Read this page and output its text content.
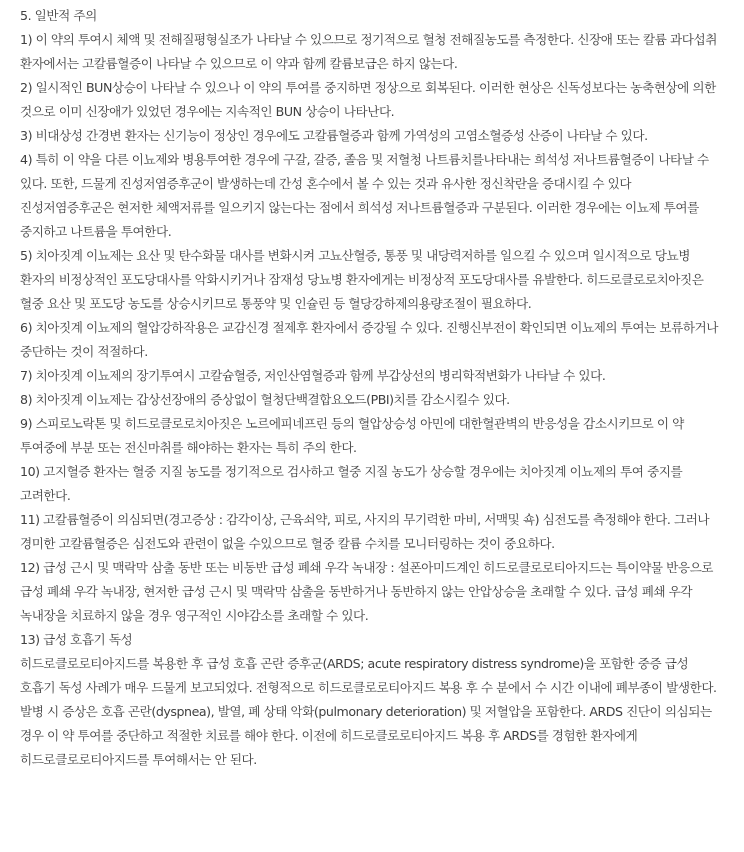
5. 일반적 주의

1) 이 약의 투여시 체액 및 전해질평형실조가 나타날 수 있으므로 정기적으로 혈청 전해질농도를 측정한다. 신장애 또는 칼륨 과다섭취 환자에서는 고칼륨혈증이 나타날 수 있으므로 이 약과 함께 칼륨보급은 하지 않는다.

2) 일시적인 BUN상승이 나타날 수 있으나 이 약의 투여를 중지하면 정상으로 회복된다. 이러한 현상은 신독성보다는 농축현상에 의한 것으로 이미 신장애가 있었던 경우에는 지속적인 BUN 상승이 나타난다.

3) 비대상성 간경변 환자는 신기능이 정상인 경우에도 고칼륨혈증과 함께 가역성의 고염소혈증성 산증이 나타날 수 있다.

4) 특히 이 약을 다른 이뇨제와 병용투여한 경우에 구갈, 갈증, 졸음 및 저혈청 나트륨치를나타내는 희석성 저나트륨혈증이 나타날 수 있다. 또한, 드물게 진성저염증후군이 발생하는데 간성 혼수에서 볼 수 있는 것과 유사한 정신착란을 증대시킬 수 있다 진성저염증후군은 현저한 체액저류를 일으키지 않는다는 점에서 희석성 저나트륨혈증과 구분된다. 이러한 경우에는 이뇨제 투여를 중지하고 나트륨을 투여한다.

5) 치아짓계 이뇨제는 요산 및 탄수화물 대사를 변화시켜 고뇨산혈증, 통풍 및 내당력저하를 일으킬 수 있으며 일시적으로 당뇨병 환자의 비정상적인 포도당대사를 악화시키거나 잠재성 당뇨병 환자에게는 비정상적 포도당대사를 유발한다. 히드로클로로치아짓은 혈중 요산 및 포도당 농도를 상승시키므로 통풍약 및 인슐린 등 혈당강하제의용량조절이 필요하다.

6) 치아짓계 이뇨제의 혈압강하작용은 교감신경 절제후 환자에서 증강될 수 있다. 진행신부전이 확인되면 이뇨제의 투여는 보류하거나 중단하는 것이 적절하다.

7) 치아짓계 이뇨제의 장기투여시 고칼슘혈증, 저인산염혈증과 함께 부갑상선의 병리학적변화가 나타날 수 있다.

8) 치아짓계 이뇨제는 갑상선장애의 증상없이 혈청단백결합요오드(PBI)치를 감소시킬수 있다.

9) 스피로노락톤 및 히드로클로로치아짓은 노르에피네프린 등의 혈압상승성 아민에 대한혈관벽의 반응성을 감소시키므로 이 약 투여중에 부분 또는 전신마취를 해야하는 환자는 특히 주의 한다.

10) 고지혈증 환자는 혈중 지질 농도를 정기적으로 검사하고 혈중 지질 농도가 상승할 경우에는 치아짓계 이뇨제의 투여 중지를 고려한다.

11) 고칼륨혈증이 의심되면(경고증상 : 감각이상, 근육쇠약, 피로, 사지의 무기력한 마비, 서맥및 쇽) 심전도를 측정해야 한다. 그러나 경미한 고칼륨혈증은 심전도와 관련이 없을 수있으므로 혈중 칼륨 수치를 모니터링하는 것이 중요하다.

12) 급성 근시 및 맥락막 삼출 동반 또는 비동반 급성 폐쇄 우각 녹내장 : 설폰아미드계인 히드로클로로티아지드는 특이약물 반응으로 급성 폐쇄 우각 녹내장, 현저한 급성 근시 및 맥락막 삼출을 동반하거나 동반하지 않는 안압상승을 초래할 수 있다. 급성 폐쇄 우각 녹내장을 치료하지 않을 경우 영구적인 시야감소를 초래할 수 있다.

13) 급성 호흡기 독성

히드로클로로티아지드를 복용한 후 급성 호흡 곤란 증후군(ARDS; acute respiratory distress syndrome)을 포함한 중증 급성 호흡기 독성 사례가 매우 드물게 보고되었다. 전형적으로 히드로클로로티아지드 복용 후 수 분에서 수 시간 이내에 폐부종이 발생한다. 발병 시 증상은 호흡 곤란(dyspnea), 발열, 폐 상태 악화(pulmonary deterioration) 및 저혈압을 포함한다. ARDS 진단이 의심되는 경우 이 약 투여를 중단하고 적절한 치료를 해야 한다. 이전에 히드로클로로티아지드 복용 후 ARDS를 경험한 환자에게 히드로클로로티아지드를 투여해서는 안 된다.
